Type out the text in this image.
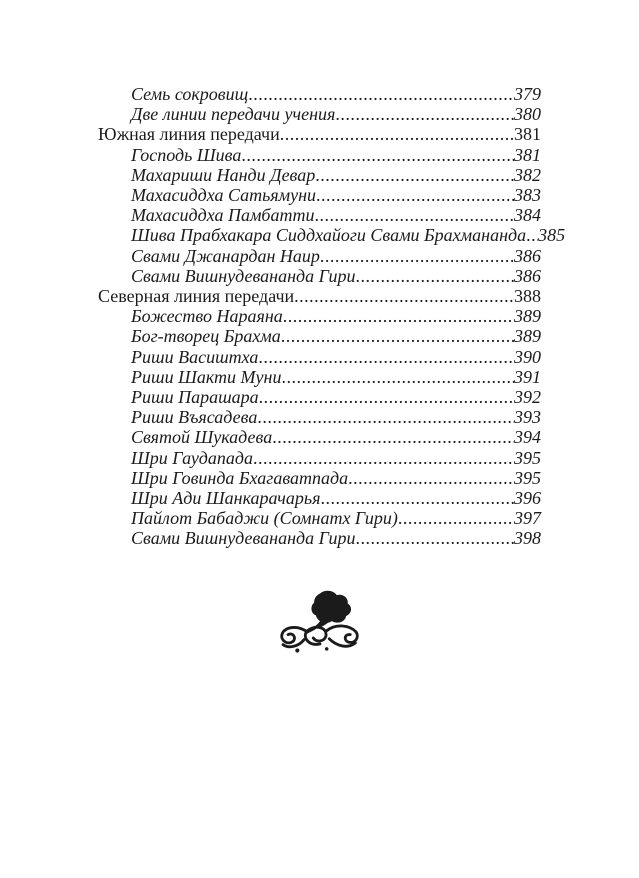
Семь сокровищ .....	379
Две линии передачи учения .....	380
Южная линия передачи .....	381
Господь Шива .....	381
Махариши Нанди Девар .....	382
Махасиддха Сатьямуни .....	383
Махасиддха Памбатти .....	384
Шива Прабхакара Сиддхайоги Свами Брахмананда ..... 385
Свами Джанардан Наир .....	386
Свами Вишнудевананда Гири .....	386
Северная линия передачи .....	388
Божество Нараяна .....	389
Бог-творец Брахма .....	389
Риши Васиштха .....	390
Риши Шакти Муни .....	391
Риши Парашара .....	392
Риши Въясадева .....	393
Святой Шукадева .....	394
Шри Гаудапада .....	395
Шри Говинда Бхагаватпада .....	395
Шри Ади Шанкарачарья .....	396
Пайлот Бабаджи (Сомнатх Гири) .....	397
Свами Вишнудевананда Гири .....	398
